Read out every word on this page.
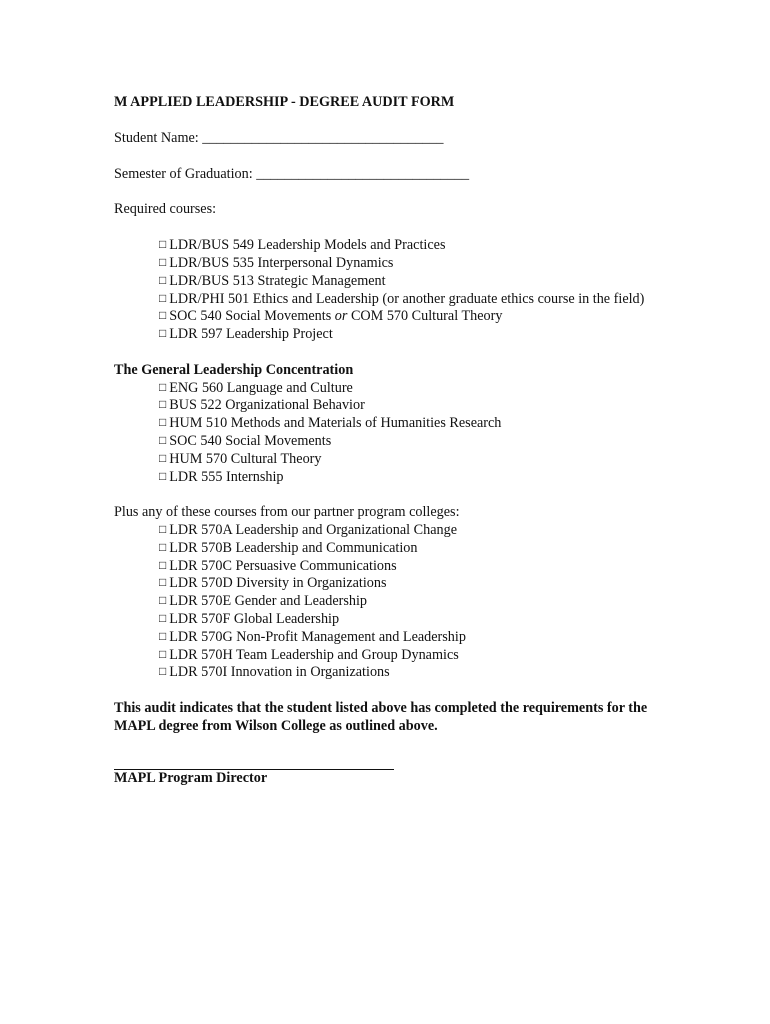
M APPLIED LEADERSHIP - DEGREE AUDIT FORM
Student Name: __________________________________
Semester of Graduation: ______________________________
Required courses:
□ LDR/BUS 549 Leadership Models and Practices
□ LDR/BUS 535 Interpersonal Dynamics
□ LDR/BUS 513 Strategic Management
□ LDR/PHI 501 Ethics and Leadership (or another graduate ethics course in the field)
□ SOC 540 Social Movements or COM 570 Cultural Theory
□ LDR 597 Leadership Project
The General Leadership Concentration
□ ENG 560 Language and Culture
□ BUS 522 Organizational Behavior
□ HUM 510 Methods and Materials of Humanities Research
□ SOC 540 Social Movements
□ HUM 570 Cultural Theory
□ LDR 555 Internship
Plus any of these courses from our partner program colleges:
□ LDR 570A Leadership and Organizational Change
□ LDR 570B Leadership and Communication
□ LDR 570C Persuasive Communications
□ LDR 570D Diversity in Organizations
□ LDR 570E Gender and Leadership
□ LDR 570F Global Leadership
□ LDR 570G Non-Profit Management and Leadership
□ LDR 570H Team Leadership and Group Dynamics
□ LDR 570I Innovation in Organizations
This audit indicates that the student listed above has completed the requirements for the MAPL degree from Wilson College as outlined above.
MAPL Program Director
